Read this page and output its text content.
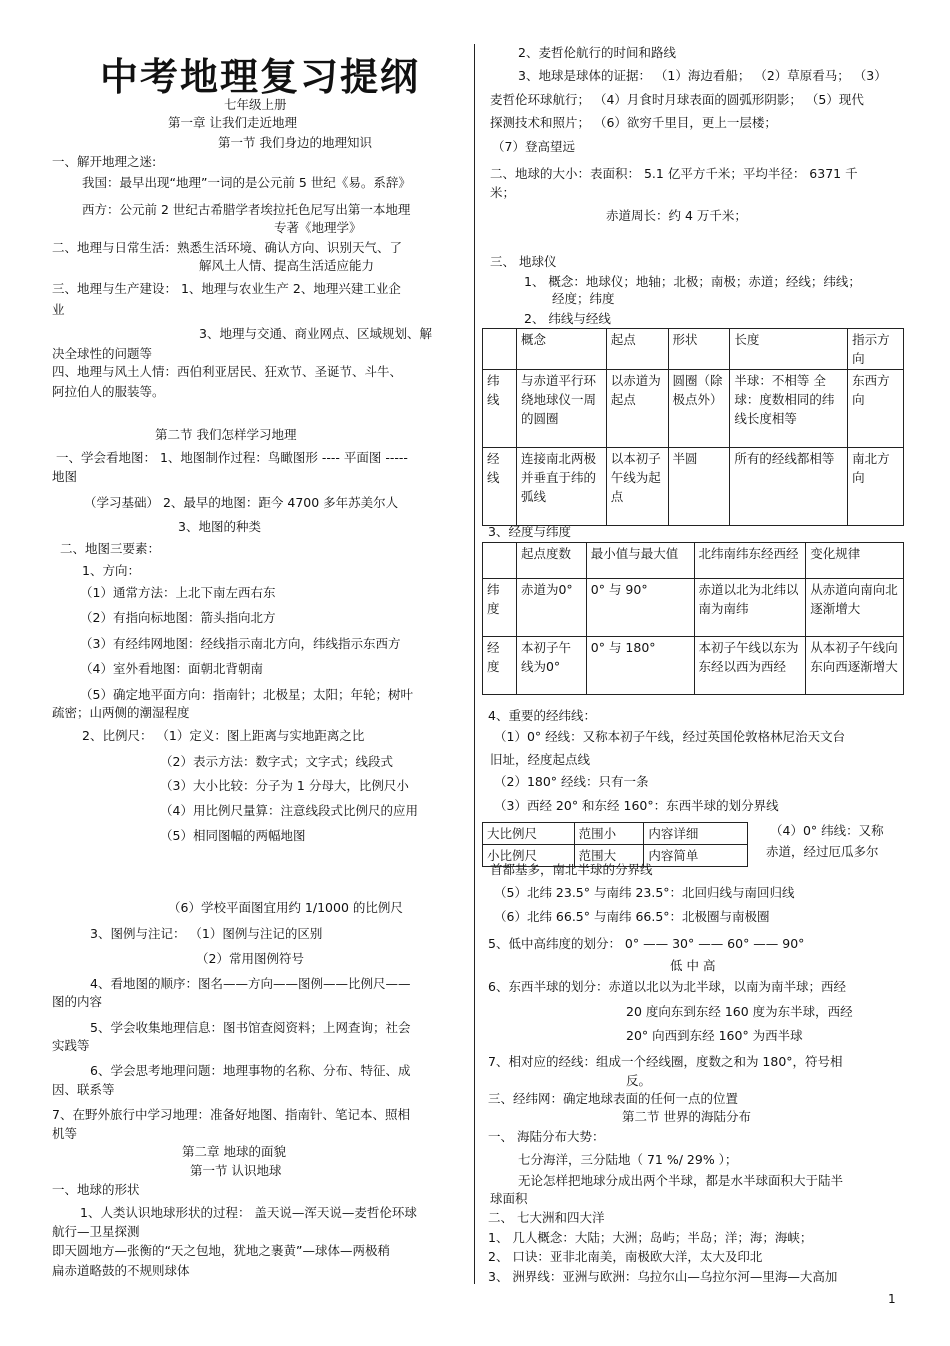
中考地理复习提纲
七年级上册
第一章 让我们走近地理
第一节 我们身边的地理知识
一、解开地理之迷:
我国：最早出现“地理”一词的是公元前 5 世纪《易。系辞》
西方：公元前 2 世纪古希腊学者埃拉托色尼写出第一本地理
专著《地理学》
二、地理与日常生活：熟悉生活环境、确认方向、识别天气、了
解风土人情、提高生活适应能力
三、地理与生产建设： 1、地理与农业生产 2、地理兴建工业企
业
3、地理与交通、商业网点、区域规划、解
决全球性的问题等
四、地理与风土人情：西伯利亚居民、狂欢节、圣诞节、斗牛、
阿拉伯人的服装等。
第二节 我们怎样学习地理
一、学会看地图： 1、地图制作过程：鸟瞰图形 ---- 平面图 -----
地图
（学习基础） 2、最早的地图：距今 4700 多年苏美尔人
3、地图的种类
二、地图三要素：
1、方向：
（1）通常方法：上北下南左西右东
（2）有指向标地图：箭头指向北方
（3）有经纬网地图：经线指示南北方向，纬线指示东西方
（4）室外看地图：面朝北背朝南
（5）确定地平面方向：指南针；北极星；太阳；年轮；树叶
疏密；山两侧的潮湿程度
2、比例尺： （1）定义：图上距离与实地距离之比
（2）表示方法：数字式；文字式；线段式
（3）大小比较：分子为 1 分母大，比例尺小
（4）用比例尺量算：注意线段式比例尺的应用
（5）相同图幅的两幅地图
（6）学校平面图宜用约 1/1000 的比例尺
3、图例与注记： （1）图例与注记的区别
（2）常用图例符号
4、看地图的顺序：图名——方向——图例——比例尺——
图的内容
5、学会收集地理信息：图书馆查阅资料；上网查询；社会
实践等
6、学会思考地理问题：地理事物的名称、分布、特征、成
因、联系等
7、在野外旅行中学习地理：准备好地图、指南针、笔记本、照相
机等
第二章 地球的面貌
第一节 认识地球
一、地球的形状
1、人类认识地球形状的过程： 盖天说—浑天说—麦哲伦环球
航行—卫星探测
即天圆地方—张衡的“天之包地，犹地之裹黄”—球体—两极稍
扁赤道略鼓的不规则球体
2、麦哲伦航行的时间和路线
3、地球是球体的证据： （1）海边看船； （2）草原看马； （3）
麦哲伦环球航行； （4）月食时月球表面的圆弧形阴影； （5）现代
探测技术和照片； （6）欲穷千里目，更上一层楼；
（7）登高望远
二、地球的大小：表面积： 5.1 亿平方千米；平均半径： 6371 千
米；
赤道周长：约 4 万千米；
三、 地球仪
1、 概念：地球仪；地轴；北极；南极；赤道；经线；纬线；
经度；纬度
2、 纬线与经线
3、经度与纬度
4、重要的经纬线：
（1）0° 经线：又称本初子午线，经过英国伦敦格林尼治天文台
旧址，经度起点线
（2）180° 经线：只有一条
（3）西经 20° 和东经 160°：东西半球的划分界线
（4）0° 纬线：又称
赤道，经过厄瓜多尔
首都基多，南北半球的分界线
（5）北纬 23.5° 与南纬 23.5°：北回归线与南回归线
（6）北纬 66.5° 与南纬 66.5°：北极圈与南极圈
5、低中高纬度的划分： 0° —— 30° —— 60° —— 90°
低 中 高
6、东西半球的划分：赤道以北以为北半球，以南为南半球；西经
20 度向东到东经 160 度为东半球，西经
20° 向西到东经 160° 为西半球
7、相对应的经线：组成一个经线圈，度数之和为 180°，符号相
反。
三、经纬网：确定地球表面的任何一点的位置
第二节 世界的海陆分布
一、 海陆分布大势：
七分海洋，三分陆地（ 71 %/ 29% ）；
无论怎样把地球分成出两个半球，都是水半球面积大于陆半
球面积
二、 七大洲和四大洋
1、 几人概念：大陆；大洲；岛屿；半岛；洋；海；海峡；
2、 口诀：亚非北南美，南极欧大洋，太大及印北
3、 洲界线：亚洲与欧洲：乌拉尔山—乌拉尔河—里海—大高加
	概念	起点	形状	长度	指示方向
纬线	与赤道平行环绕地球仪一周的圆圈	以赤道为起点	圆圈（除极点外）	半球：不相等 全球：度数相同的纬线长度相等	东西方向
经线	连接南北两极并垂直于纬的弧线	以本初子午线为起点	半圆	所有的经线都相等	南北方向
	起点度数	最小值与最大值	北纬南纬东经西经	变化规律
纬度	赤道为0°	0° 与 90°	赤道以北为北纬以南为南纬	从赤道向南向北逐渐增大
经度	本初子午线为0°	0° 与 180°	本初子午线以东为东经以西为西经	从本初子午线向东向西逐渐增大
大比例尺	范围小	内容详细
小比例尺	范围大	内容简单
1
